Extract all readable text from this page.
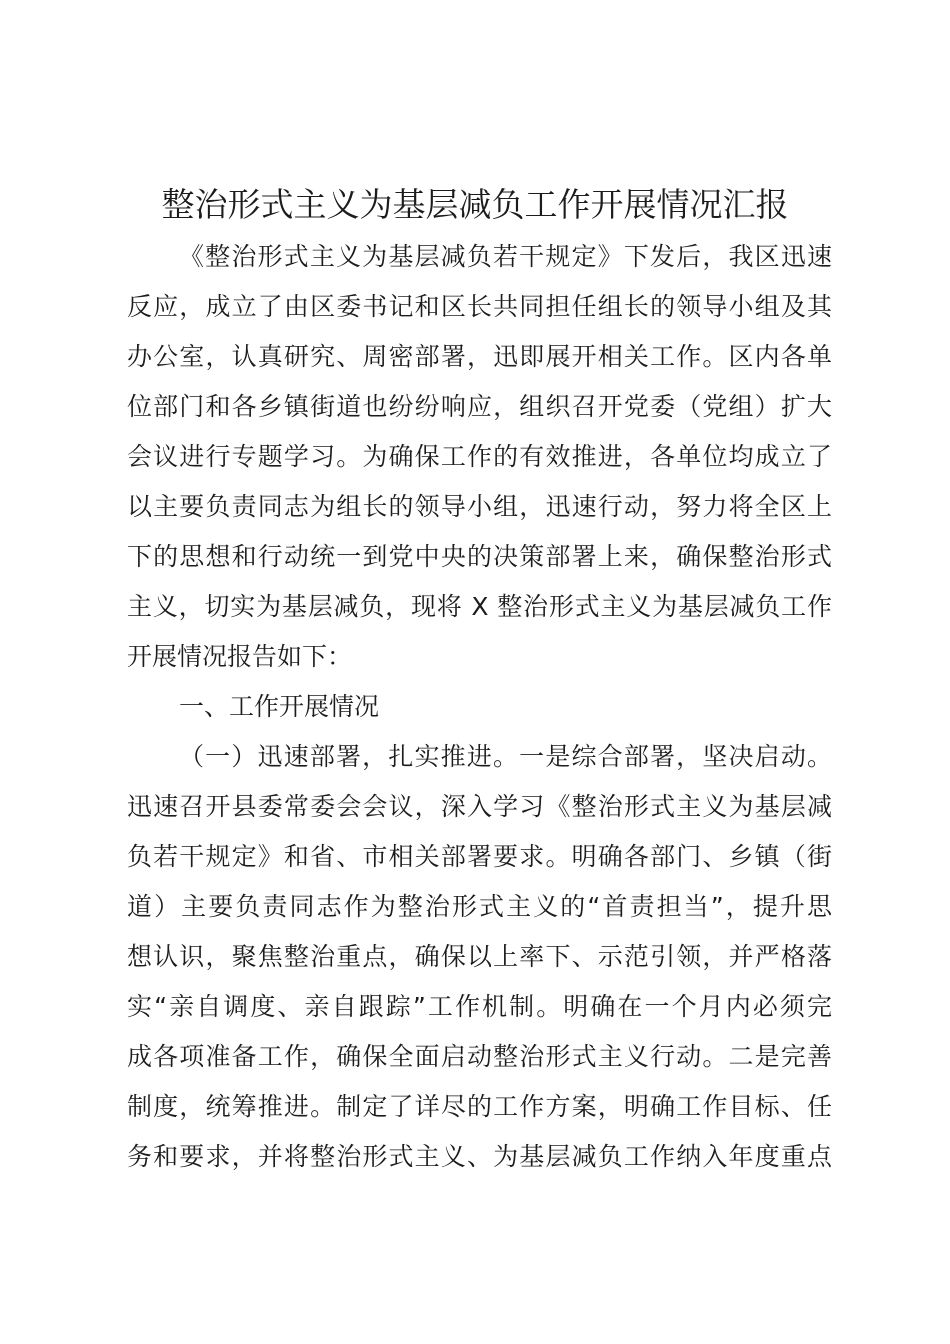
整治形式主义为基层减负工作开展情况汇报
《整治形式主义为基层减负若干规定》下发后，我区迅速
反应，成立了由区委书记和区长共同担任组长的领导小组及其
办公室，认真研究、周密部署，迅即展开相关工作。区内各单
位部门和各乡镇街道也纷纷响应，组织召开党委（党组）扩大
会议进行专题学习。为确保工作的有效推进，各单位均成立了
以主要负责同志为组长的领导小组，迅速行动，努力将全区上
下的思想和行动统一到党中央的决策部署上来，确保整治形式
主义，切实为基层减负，现将 X 整治形式主义为基层减负工作
开展情况报告如下：
一、工作开展情况
（一）迅速部署，扎实推进。一是综合部署，坚决启动。
迅速召开县委常委会会议，深入学习《整治形式主义为基层减
负若干规定》和省、市相关部署要求。明确各部门、乡镇（街
道）主要负责同志作为整治形式主义的“首责担当”，提升思
想认识，聚焦整治重点，确保以上率下、示范引领，并严格落
实“亲自调度、亲自跟踪”工作机制。明确在一个月内必须完
成各项准备工作，确保全面启动整治形式主义行动。二是完善
制度，统筹推进。制定了详尽的工作方案，明确工作目标、任
务和要求，并将整治形式主义、为基层减负工作纳入年度重点
